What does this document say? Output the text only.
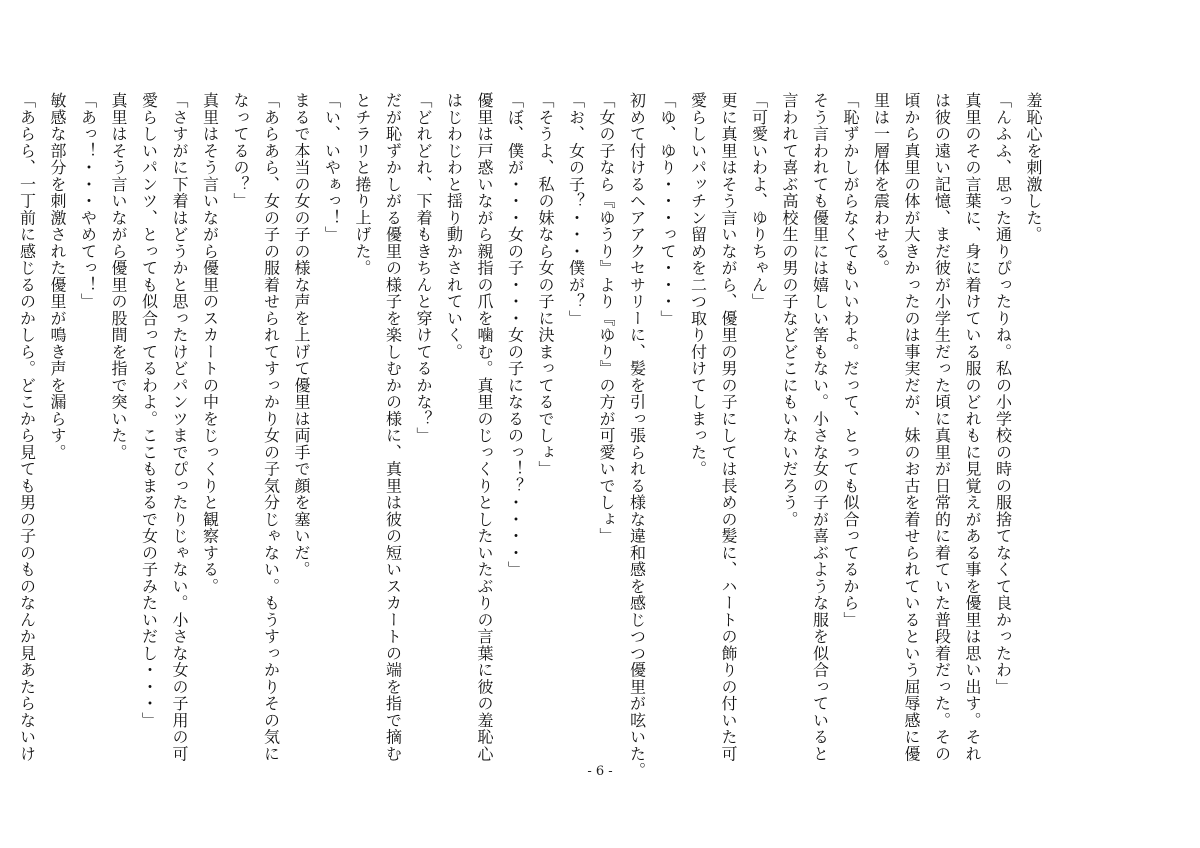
羞恥心を刺激した。
「んふふ、思った通りぴったりね。私の小学校の時の服捨てなくて良かったわ」
真里のその言葉に、身に着けている服のどれもに見覚えがある事を優里は思い出す。それ
は彼の遠い記憶、まだ彼が小学生だった頃に真里が日常的に着ていた普段着だった。その
頃から真里の体が大きかったのは事実だが、妹のお古を着せられているという屈辱感に優
里は一層体を震わせる。
「恥ずかしがらなくてもいいわよ。だって、とっても似合ってるから」
そう言われても優里には嬉しい筈もない。小さな女の子が喜ぶような服を似合っていると
言われて喜ぶ高校生の男の子などどこにもいないだろう。
「可愛いわよ、ゆりちゃん」
更に真里はそう言いながら、優里の男の子にしては長めの髪に、ハートの飾りの付いた可
愛らしいパッチン留めを二つ取り付けてしまった。
「ゆ、ゆり・・・って・・・」
初めて付けるヘアアクセサリーに、髪を引っ張られる様な違和感を感じつつ優里が呟いた。
「女の子なら『ゆうり』より『ゆり』の方が可愛いでしょ」
「お、女の子？・・・僕が？」
「そうよ、私の妹なら女の子に決まってるでしょ」
「ぼ、僕が・・・女の子・・・女の子になるのっ！？・・・・」
優里は戸惑いながら親指の爪を噛む。真里のじっくりとしたいたぶりの言葉に彼の羞恥心
はじわじわと揺り動かされていく。
「どれどれ、下着もきちんと穿けてるかな？」
だが恥ずかしがる優里の様子を楽しむかの様に、真里は彼の短いスカートの端を指で摘む
とチラリと捲り上げた。
「い、いやぁっ！」
まるで本当の女の子の様な声を上げて優里は両手で顔を塞いだ。
「あらあら、女の子の服着せられてすっかり女の子気分じゃない。もうすっかりその気に
なってるの？」
真里はそう言いながら優里のスカートの中をじっくりと観察する。
「さすがに下着はどうかと思ったけどパンツまでぴったりじゃない。小さな女の子用の可
愛らしいパンツ、とっても似合ってるわよ。ここもまるで女の子みたいだし・・・」
真里はそう言いながら優里の股間を指で突いた。
「あっ！・・・やめてっ！」
敏感な部分を刺激された優里が鳴き声を漏らす。
「あらら、一丁前に感じるのかしら。どこから見ても男の子のものなんか見あたらないけ
- 6 -
